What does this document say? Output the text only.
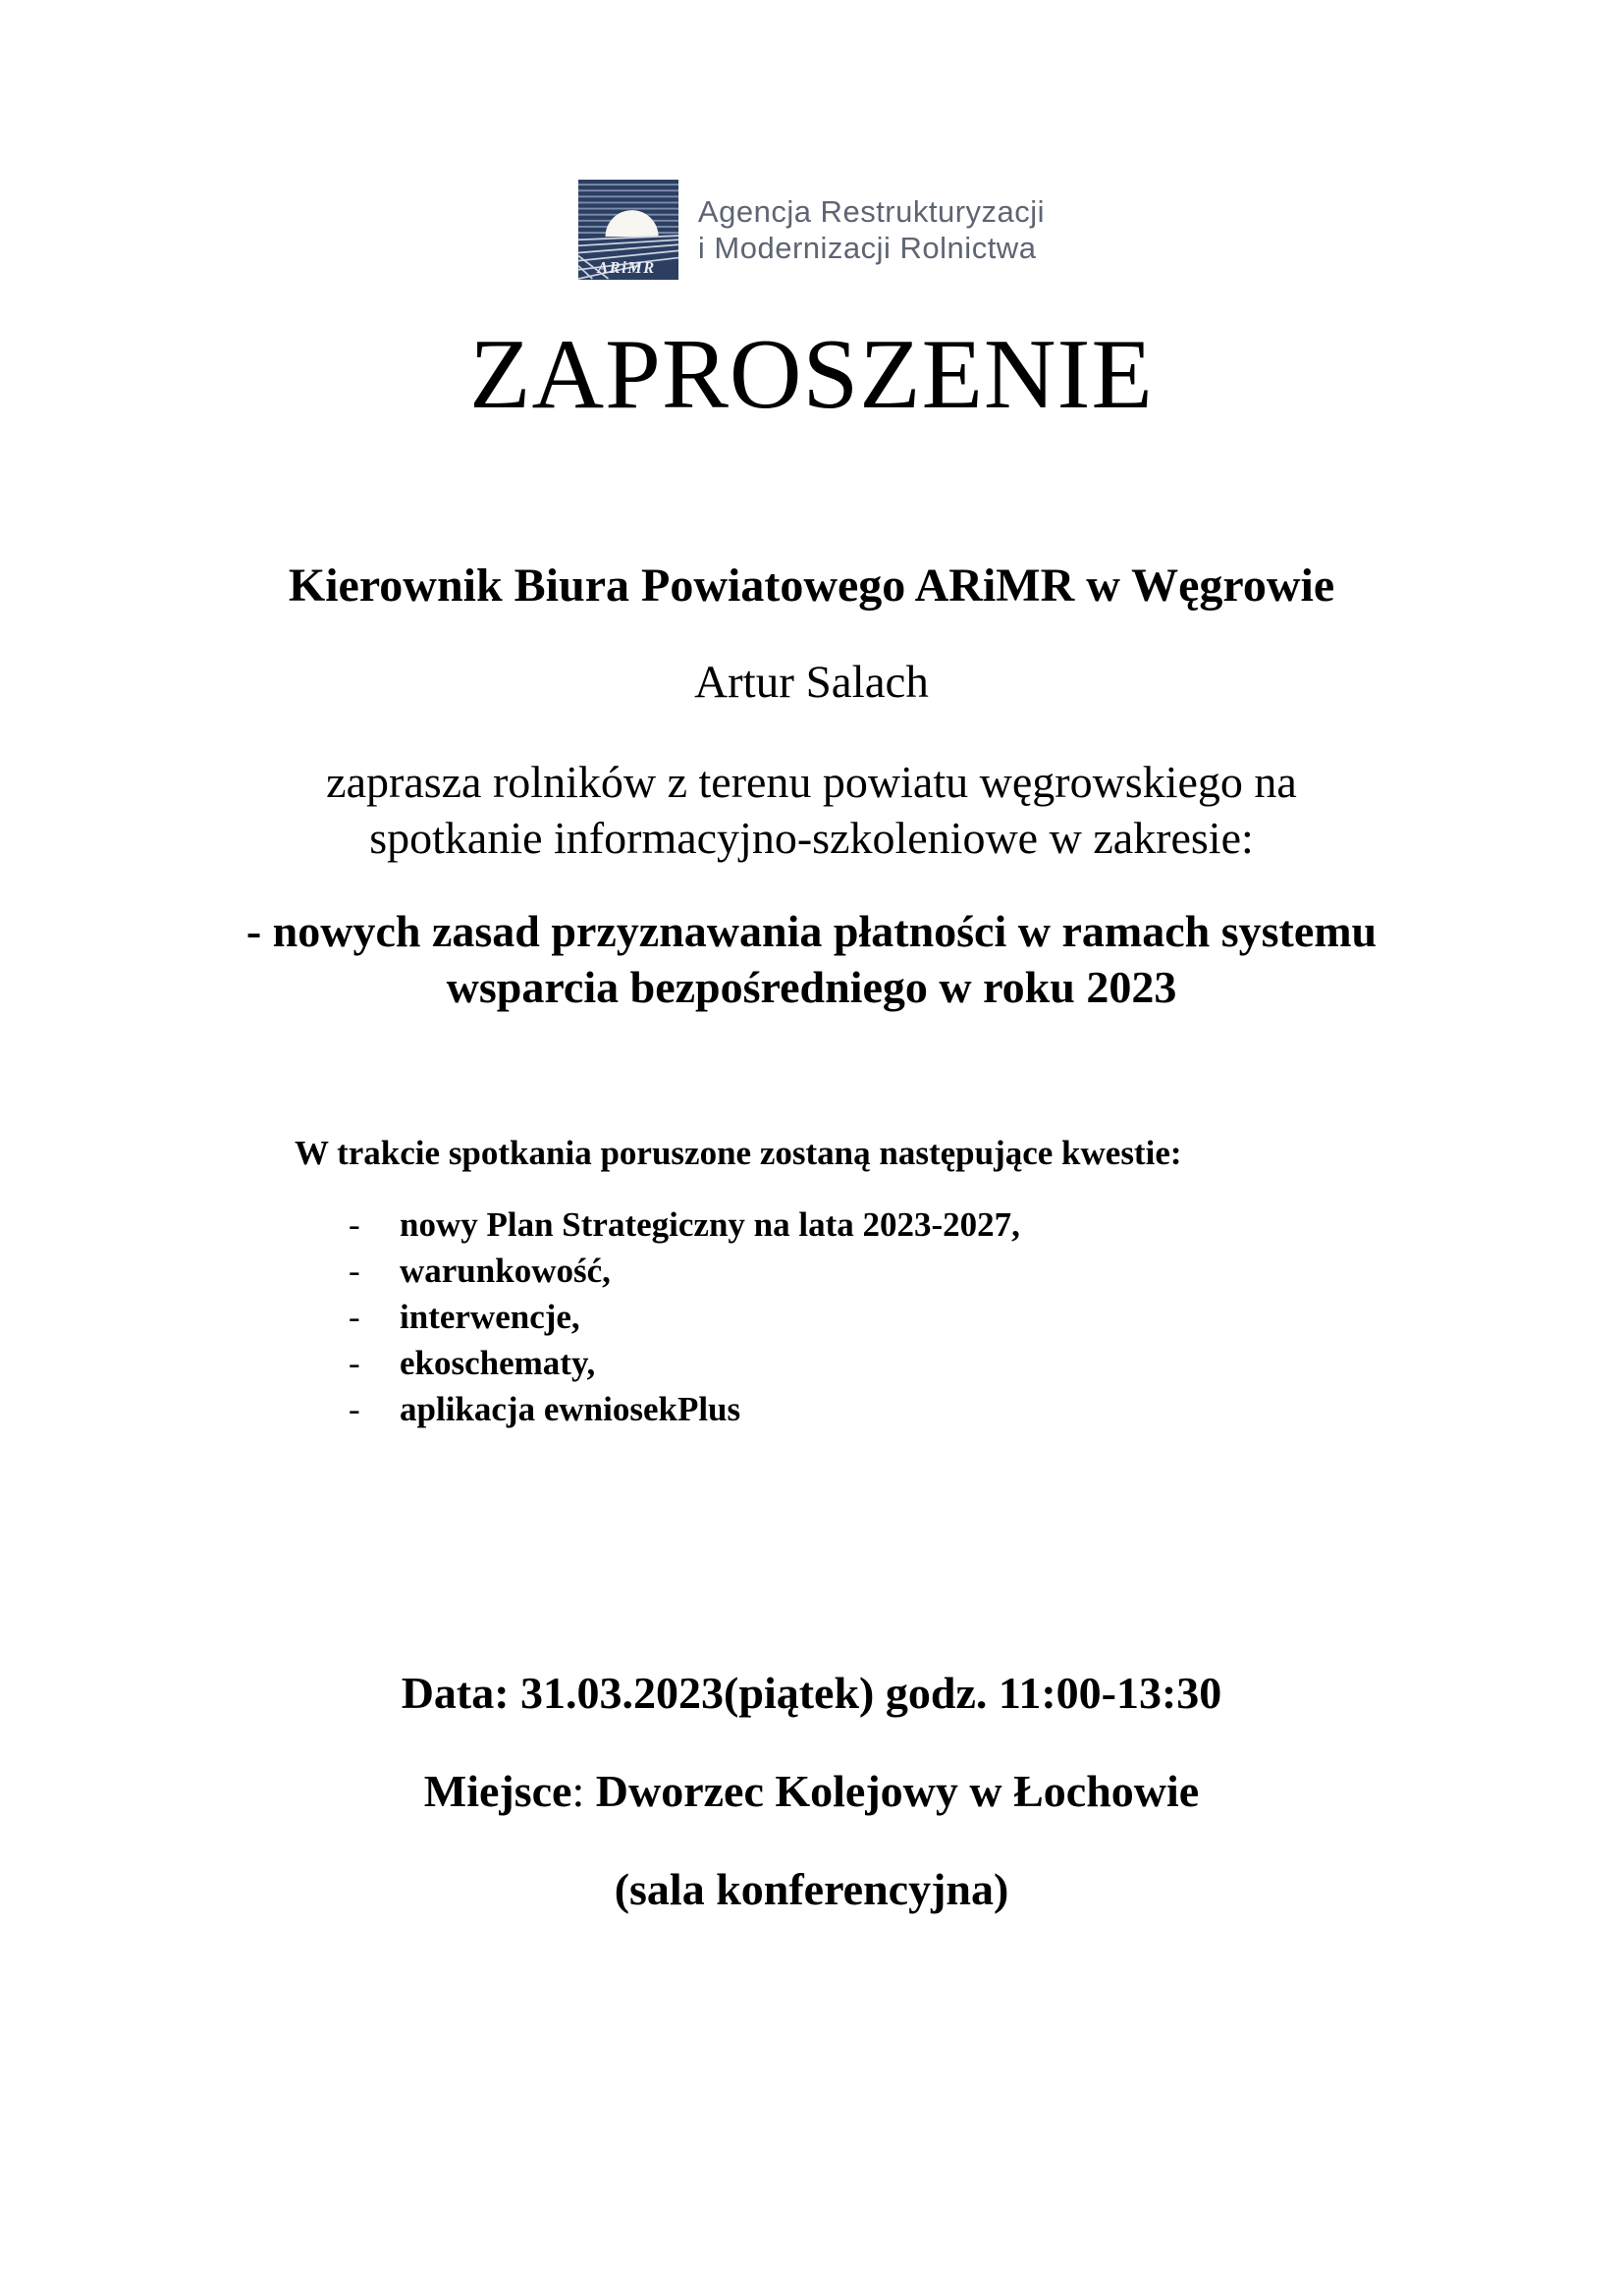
ARiMR
Agencja Restrukturyzacji
i Modernizacji Rolnictwa
ZAPROSZENIE
Kierownik Biura Powiatowego ARiMR w Węgrowie
Artur Salach
zaprasza rolników z terenu powiatu węgrowskiego na
spotkanie informacyjno-szkoleniowe w zakresie:
- nowych zasad przyznawania płatności w ramach systemu
wsparcia bezpośredniego w roku 2023
W trakcie spotkania poruszone zostaną następujące kwestie:
-	nowy Plan Strategiczny na lata 2023-2027,
-	warunkowość,
-	interwencje,
-	ekoschematy,
-	aplikacja ewniosekPlus
Data: 31.03.2023(piątek) godz. 11:00-13:30
Miejsce: Dworzec Kolejowy w Łochowie
(sala konferencyjna)
